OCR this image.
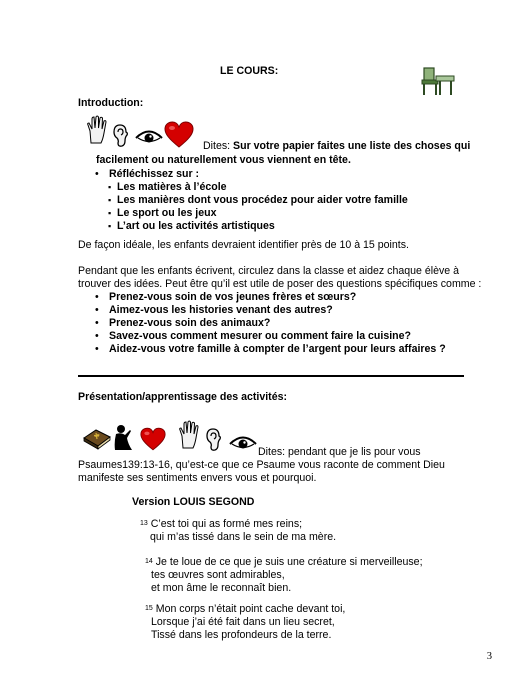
LE COURS:
Introduction:
Dites: Sur votre papier faites une liste des choses qui
facilement ou naturellement vous viennent en tête.
• Réfléchissez sur :
▪ Les matières à l’école
▪ Les manières dont vous procédez pour aider votre famille
▪ Le sport ou les jeux
▪ L’art ou les activités artistiques
De façon idéale, les enfants devraient identifier près de 10 à 15 points.
Pendant que les enfants écrivent, circulez dans la classe et aidez chaque élève à
trouver des idées. Peut être qu’il est utile de poser des questions spécifiques comme :
• Prenez-vous soin de vos jeunes frères et sœurs?
• Aimez-vous les histories venant des autres?
• Prenez-vous soin des animaux?
• Savez-vous comment mesurer ou comment faire la cuisine?
• Aidez-vous votre famille à compter de l’argent pour leurs affaires ?
Présentation/apprentissage des activités:
Dites: pendant que je lis pour vous
Psaumes139:13-16, qu’est-ce que ce Psaume vous raconte de comment Dieu
manifeste ses sentiments envers vous et pourquoi.
Version LOUIS SEGOND
$^{13}$ C’est toi qui as formé mes reins;
qui m’as tissé dans le sein de ma mère.
$^{14}$ Je te loue de ce que je suis une créature si merveilleuse;
tes œuvres sont admirables,
et mon âme le reconnaît bien.
$^{15}$ Mon corps n’était point cache devant toi,
Lorsque j’ai été fait dans un lieu secret,
Tissé dans les profondeurs de la terre.
3
